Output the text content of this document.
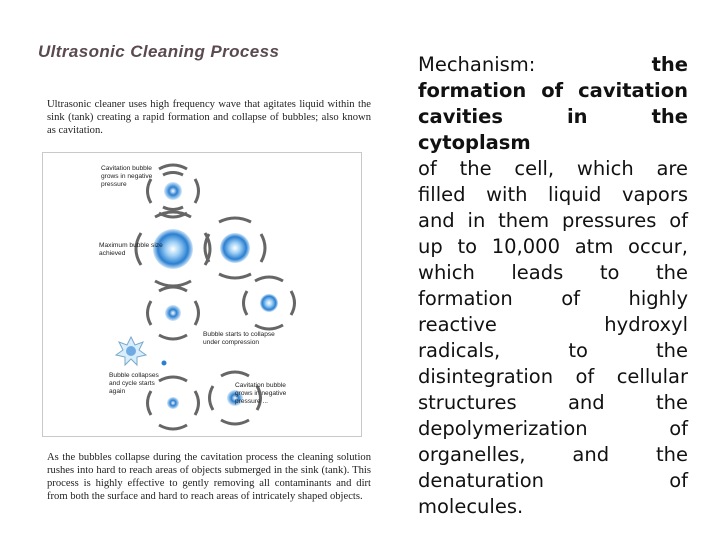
Ultrasonic Cleaning Process

Ultrasonic cleaner uses high frequency wave that agitates liquid within the sink (tank) creating a rapid formation and collapse of bubbles; also known as cavitation.

Cavitation bubble grows in negative pressure
Maximum bubble size achieved
Bubble starts to collapse under compression
Bubble collapses and cycle starts again
Cavitation bubble grows in negative pressure ...

As the bubbles collapse during the cavitation process the cleaning solution rushes into hard to reach areas of objects submerged in the sink (tank). This process is highly effective to gently removing all contaminants and dirt from both the surface and hard to reach areas of intricately shaped objects.

Mechanism: the
formation of cavitation
cavities in the cytoplasm
of the cell, which are
filled with liquid vapors
and in them pressures of
up to 10,000 atm occur,
which leads to the
formation of highly
reactive hydroxyl
radicals, to the
disintegration of cellular
structures and the
depolymerization of
organelles, and the
denaturation of
molecules.
